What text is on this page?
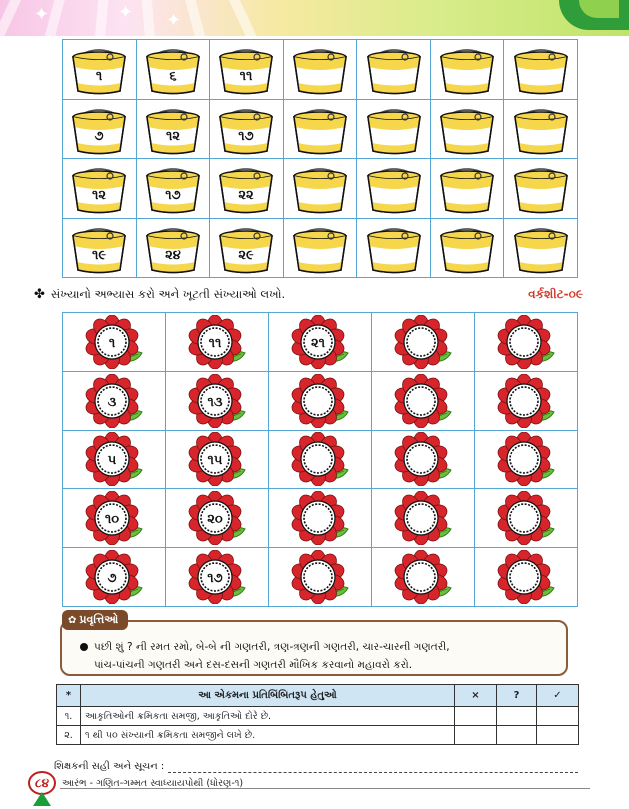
✦	✦ ✦
૧	૬	૧૧

૭	૧૨	૧૭

૧૨	૧૭	૨૨

૧૯	૨૪	૨૯

✤ સંખ્યાનો અભ્યાસ કરો અને ખૂટતી સંખ્યાઓ લખો.	વર્કશીટ-૦૯
૧	૧૧	૨૧

૩	૧૩

૫	૧૫

૧૦	૨૦

૭	૧૭

✿ પ્રવૃત્તિઓ
પછી શું ? ની રમત રમો, બે-બે ની ગણતરી, ત્રણ-ત્રણની ગણતરી, ચાર-ચારની ગણતરી,
પાંચ-પાંચની ગણતરી અને દસ-દસની ગણતરી મૌખિક કરવાનો મહાવરો કરો.
*	આ એકમના પ્રતિબિંબિતરૂપ હેતુઓ	×	?	✓
૧.	આકૃતિઓની ક્રમિકતા સમજી, આકૃતિઓ દોરે છે.			
૨.	૧ થી ૫૦ સંખ્યાની ક્રમિકતા સમજીને લખે છે.			
શિક્ષકની સહી અને સૂચન :
૮૪	આરંભ - ગણિત-ગમ્મત સ્વાધ્યાયપોથી (ધોરણ-૧)
